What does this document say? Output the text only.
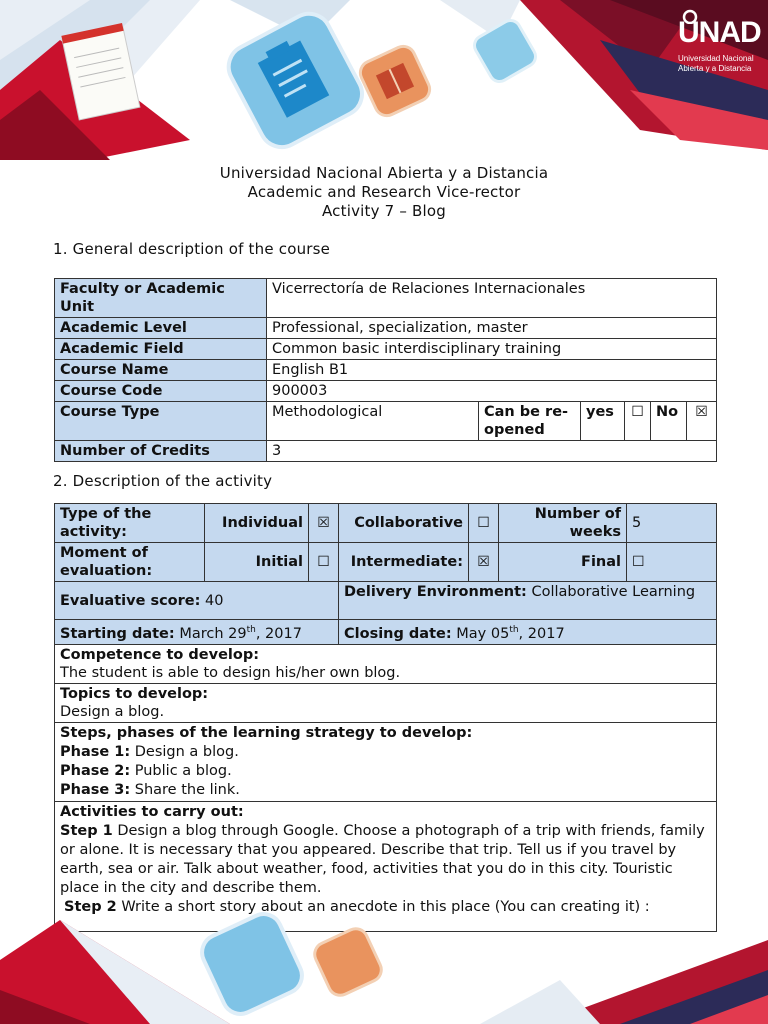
UNAD
Universidad Nacional
Abierta y a Distancia
Universidad Nacional Abierta y a Distancia
Academic and Research Vice-rector
Activity 7 – Blog
1. General description of the course
Faculty or Academic Unit	Vicerrectoría de Relaciones Internacionales					
Academic Level	Professional, specialization, master					
Academic Field	Common basic interdisciplinary training					
Course Name	English B1					
Course Code	900003					
Course Type	Methodological	Can be re-opened	yes	☐	No	☒
Number of Credits	3					
2. Description of the activity
Type of the activity:	Individual	☒	Collaborative	☐	Number of weeks	5
Moment of evaluation:	Initial	☐	Intermediate:	☒	Final	☐
Evaluative score: 40			Delivery Environment: Collaborative Learning			
Starting date: March 29th, 2017			Closing date: May 05th, 2017			

Competence to develop:
The student is able to design his/her own blog.						

Topics to develop:
Design a blog.						

Steps, phases of the learning strategy to develop:
Phase 1: Design a blog.
Phase 2: Public a blog.
Phase 3: Share the link.						

Activities to carry out:
Step 1 Design a blog through Google. Choose a photograph of a trip with friends, family or alone. It is necessary that you appeared. Describe that trip. Tell us if you travel by earth, sea or air. Talk about weather, food, activities that you do in this city. Touristic place in the city and describe them.
Step 2 Write a short story about an anecdote in this place (You can creating it) :						
